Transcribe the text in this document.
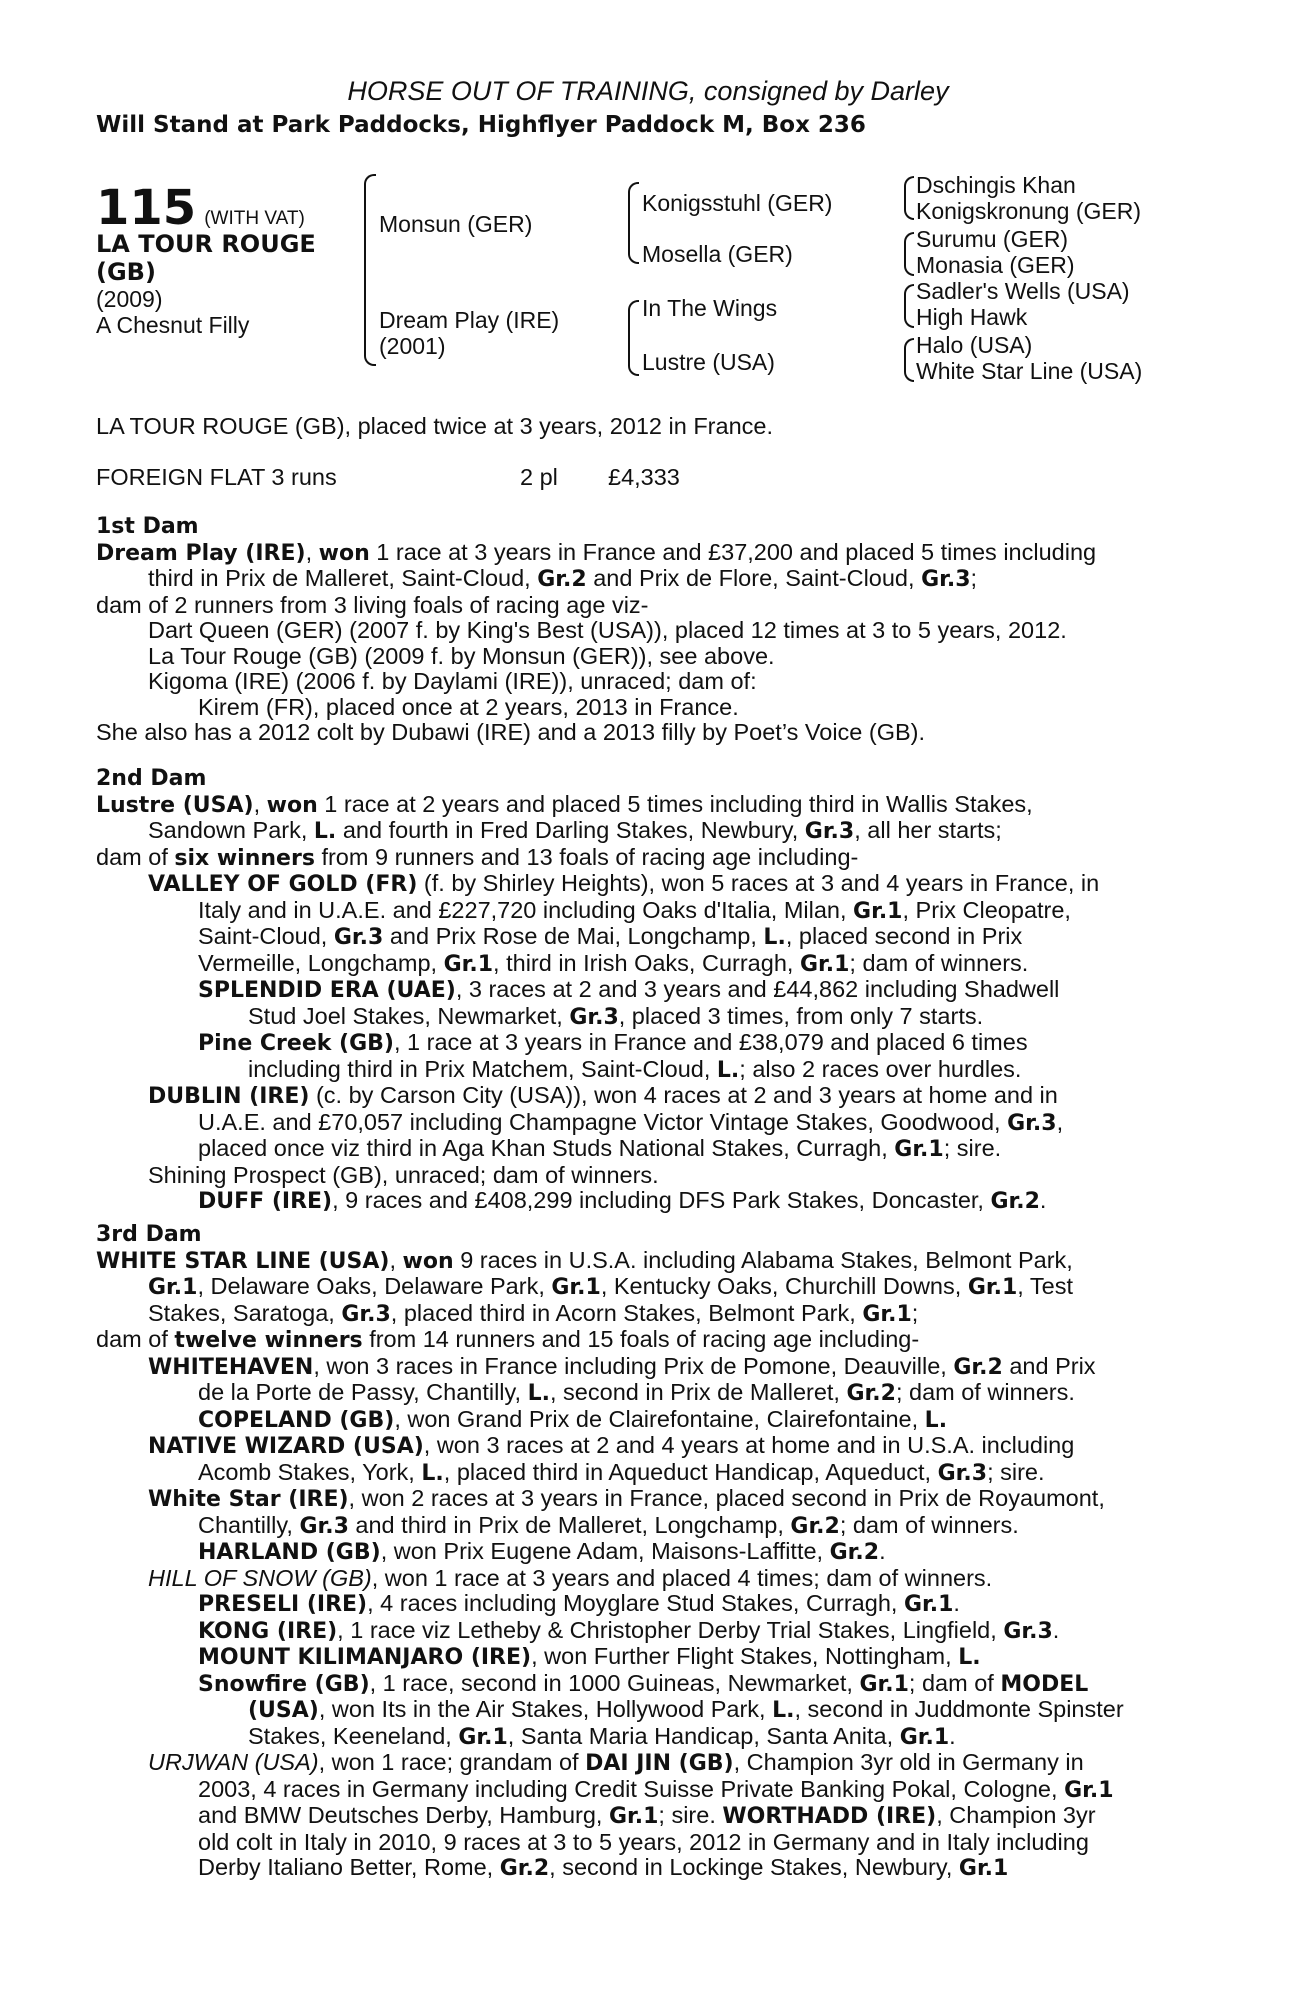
HORSE OUT OF TRAINING, consigned by Darley
Will Stand at Park Paddocks, Highflyer Paddock M, Box 236
115 (WITH VAT)
LA TOUR ROUGE
(GB)
(2009)
A Chesnut Filly
Monsun (GER)
Dream Play (IRE)
(2001)
Konigsstuhl (GER)
Mosella (GER)
In The Wings
Lustre (USA)
Dschingis Khan
Konigskronung (GER)
Surumu (GER)
Monasia (GER)
Sadler's Wells (USA)
High Hawk
Halo (USA)
White Star Line (USA)
LA TOUR ROUGE (GB), placed twice at 3 years, 2012 in France.
FOREIGN FLAT 3 runs	2 pl £4,333
1st Dam
Dream Play (IRE), won 1 race at 3 years in France and £37,200 and placed 5 times including
third in Prix de Malleret, Saint-Cloud, Gr.2 and Prix de Flore, Saint-Cloud, Gr.3;
dam of 2 runners from 3 living foals of racing age viz-
Dart Queen (GER) (2007 f. by King's Best (USA)), placed 12 times at 3 to 5 years, 2012.
La Tour Rouge (GB) (2009 f. by Monsun (GER)), see above.
Kigoma (IRE) (2006 f. by Daylami (IRE)), unraced; dam of:
Kirem (FR), placed once at 2 years, 2013 in France.
She also has a 2012 colt by Dubawi (IRE) and a 2013 filly by Poet’s Voice (GB).
2nd Dam
Lustre (USA), won 1 race at 2 years and placed 5 times including third in Wallis Stakes,
Sandown Park, L. and fourth in Fred Darling Stakes, Newbury, Gr.3, all her starts;
dam of six winners from 9 runners and 13 foals of racing age including-
VALLEY OF GOLD (FR) (f. by Shirley Heights), won 5 races at 3 and 4 years in France, in
Italy and in U.A.E. and £227,720 including Oaks d'Italia, Milan, Gr.1, Prix Cleopatre,
Saint-Cloud, Gr.3 and Prix Rose de Mai, Longchamp, L., placed second in Prix
Vermeille, Longchamp, Gr.1, third in Irish Oaks, Curragh, Gr.1; dam of winners.
SPLENDID ERA (UAE), 3 races at 2 and 3 years and £44,862 including Shadwell
Stud Joel Stakes, Newmarket, Gr.3, placed 3 times, from only 7 starts.
Pine Creek (GB), 1 race at 3 years in France and £38,079 and placed 6 times
including third in Prix Matchem, Saint-Cloud, L.; also 2 races over hurdles.
DUBLIN (IRE) (c. by Carson City (USA)), won 4 races at 2 and 3 years at home and in
U.A.E. and £70,057 including Champagne Victor Vintage Stakes, Goodwood, Gr.3,
placed once viz third in Aga Khan Studs National Stakes, Curragh, Gr.1; sire.
Shining Prospect (GB), unraced; dam of winners.
DUFF (IRE), 9 races and £408,299 including DFS Park Stakes, Doncaster, Gr.2.
3rd Dam
WHITE STAR LINE (USA), won 9 races in U.S.A. including Alabama Stakes, Belmont Park,
Gr.1, Delaware Oaks, Delaware Park, Gr.1, Kentucky Oaks, Churchill Downs, Gr.1, Test
Stakes, Saratoga, Gr.3, placed third in Acorn Stakes, Belmont Park, Gr.1;
dam of twelve winners from 14 runners and 15 foals of racing age including-
WHITEHAVEN, won 3 races in France including Prix de Pomone, Deauville, Gr.2 and Prix
de la Porte de Passy, Chantilly, L., second in Prix de Malleret, Gr.2; dam of winners.
COPELAND (GB), won Grand Prix de Clairefontaine, Clairefontaine, L.
NATIVE WIZARD (USA), won 3 races at 2 and 4 years at home and in U.S.A. including
Acomb Stakes, York, L., placed third in Aqueduct Handicap, Aqueduct, Gr.3; sire.
White Star (IRE), won 2 races at 3 years in France, placed second in Prix de Royaumont,
Chantilly, Gr.3 and third in Prix de Malleret, Longchamp, Gr.2; dam of winners.
HARLAND (GB), won Prix Eugene Adam, Maisons-Laffitte, Gr.2.
HILL OF SNOW (GB), won 1 race at 3 years and placed 4 times; dam of winners.
PRESELI (IRE), 4 races including Moyglare Stud Stakes, Curragh, Gr.1.
KONG (IRE), 1 race viz Letheby & Christopher Derby Trial Stakes, Lingfield, Gr.3.
MOUNT KILIMANJARO (IRE), won Further Flight Stakes, Nottingham, L.
Snowfire (GB), 1 race, second in 1000 Guineas, Newmarket, Gr.1; dam of MODEL
(USA), won Its in the Air Stakes, Hollywood Park, L., second in Juddmonte Spinster
Stakes, Keeneland, Gr.1, Santa Maria Handicap, Santa Anita, Gr.1.
URJWAN (USA), won 1 race; grandam of DAI JIN (GB), Champion 3yr old in Germany in
2003, 4 races in Germany including Credit Suisse Private Banking Pokal, Cologne, Gr.1
and BMW Deutsches Derby, Hamburg, Gr.1; sire. WORTHADD (IRE), Champion 3yr
old colt in Italy in 2010, 9 races at 3 to 5 years, 2012 in Germany and in Italy including
Derby Italiano Better, Rome, Gr.2, second in Lockinge Stakes, Newbury, Gr.1
